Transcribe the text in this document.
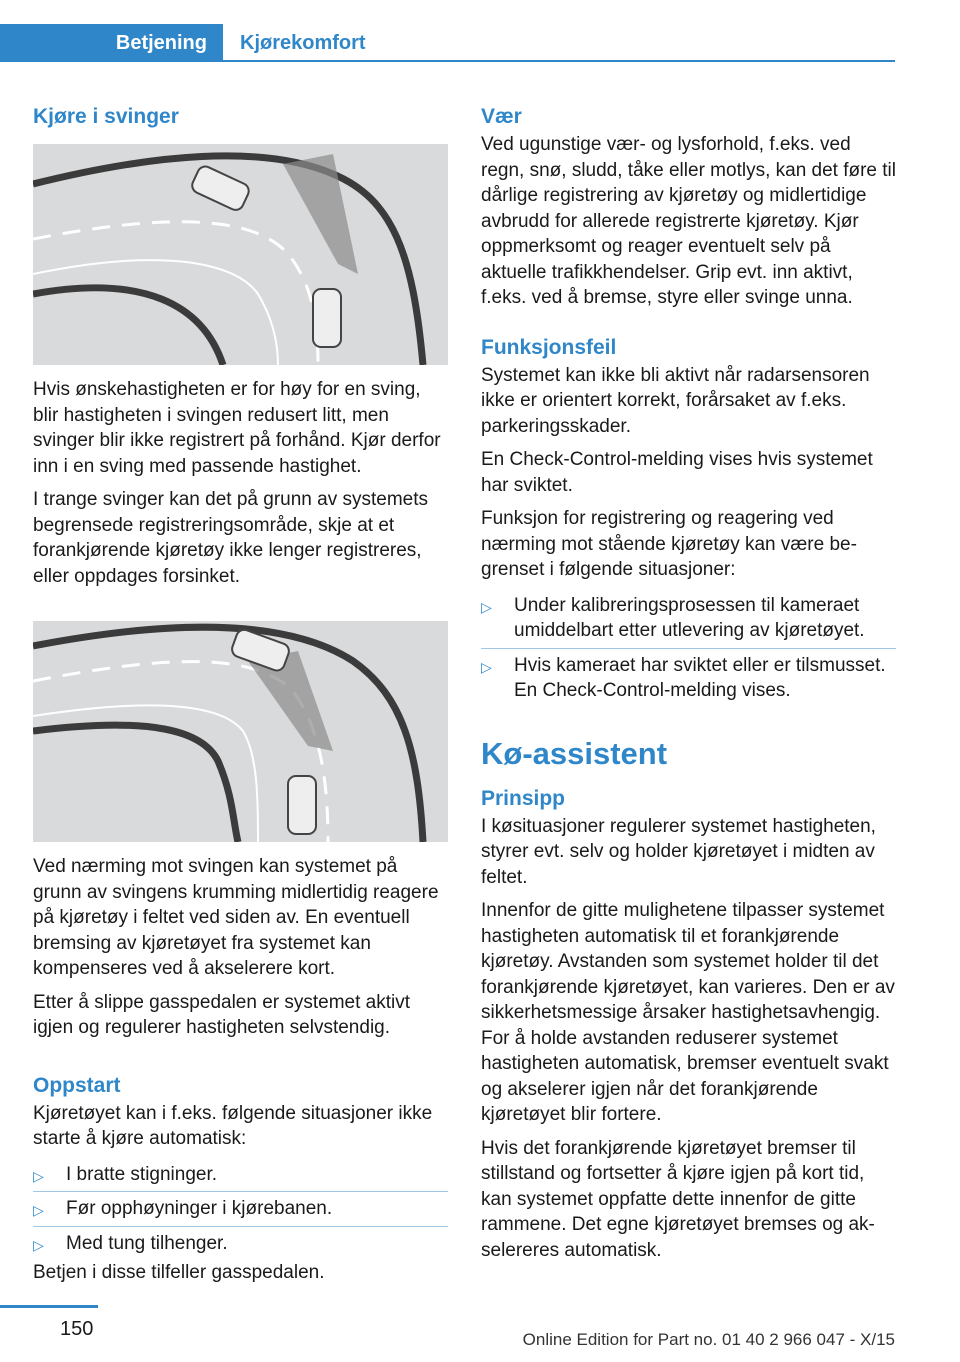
Betjening	Kjørekomfort
Kjøre i svinger

Hvis ønskehastigheten er for høy for en sving, blir hastigheten i svingen redusert litt, men svinger blir ikke registrert på forhånd. Kjør derfor inn i en sving med passende hastighet.

I trange svinger kan det på grunn av systemets begrensede registreringsområde, skje at et forankjørende kjøretøy ikke lenger registreres, eller oppdages forsinket.

Ved nærming mot svingen kan systemet på grunn av svingens krumming midlertidig reagere på kjøretøy i feltet ved siden av. En eventuell bremsing av kjøretøyet fra systemet kan kompenseres ved å akselerere kort.

Etter å slippe gasspedalen er systemet aktivt igjen og regulerer hastigheten selvstendig.

Oppstart

Kjøretøyet kan i f.eks. følgende situasjoner ikke starte å kjøre automatisk:

▷ I bratte stigninger.
▷ Før opphøyninger i kjørebanen.
▷ Med tung tilhenger.

Betjen i disse tilfeller gasspedalen.

Vær

Ved ugunstige vær- og lysforhold, f.eks. ved regn, snø, sludd, tåke eller motlys, kan det føre til dårlige registrering av kjøretøy og midlertidige avbrudd for allerede registrerte kjøretøy. Kjør oppmerksomt og reager eventuelt selv på aktuelle trafikkhendelser. Grip evt. inn aktivt, f.eks. ved å bremse, styre eller svinge unna.

Funksjonsfeil

Systemet kan ikke bli aktivt når radarsensoren ikke er orientert korrekt, forårsaket av f.eks. parkeringsskader.

En Check-Control-melding vises hvis systemet har sviktet.

Funksjon for registrering og reagering ved nærming mot stående kjøretøy kan være begrenset i følgende situasjoner:

▷ Under kalibreringsprosessen til kameraet umiddelbart etter utlevering av kjøretøyet.
▷ Hvis kameraet har sviktet eller er tilsmusset. En Check-Control-melding vises.
Kø-assistent
Prinsipp

I køsituasjoner regulerer systemet hastigheten, styrer evt. selv og holder kjøretøyet i midten av feltet.

Innenfor de gitte mulighetene tilpasser systemet hastigheten automatisk til et forankjørende kjøretøy. Avstanden som systemet holder til det forankjørende kjøretøyet, kan varieres. Den er av sikkerhetsmessige årsaker hastighetsavhengig. For å holde avstanden reduserer systemet hastigheten automatisk, bremser eventuelt svakt og akselerer igjen når det forankjørende kjøretøyet blir fortere.

Hvis det forankjørende kjøretøyet bremser til stillstand og fortsetter å kjøre igjen på kort tid, kan systemet oppfatte dette innenfor de gitte rammene. Det egne kjøretøyet bremses og akselereres automatisk.

150	Online Edition for Part no. 01 40 2 966 047 - X/15
